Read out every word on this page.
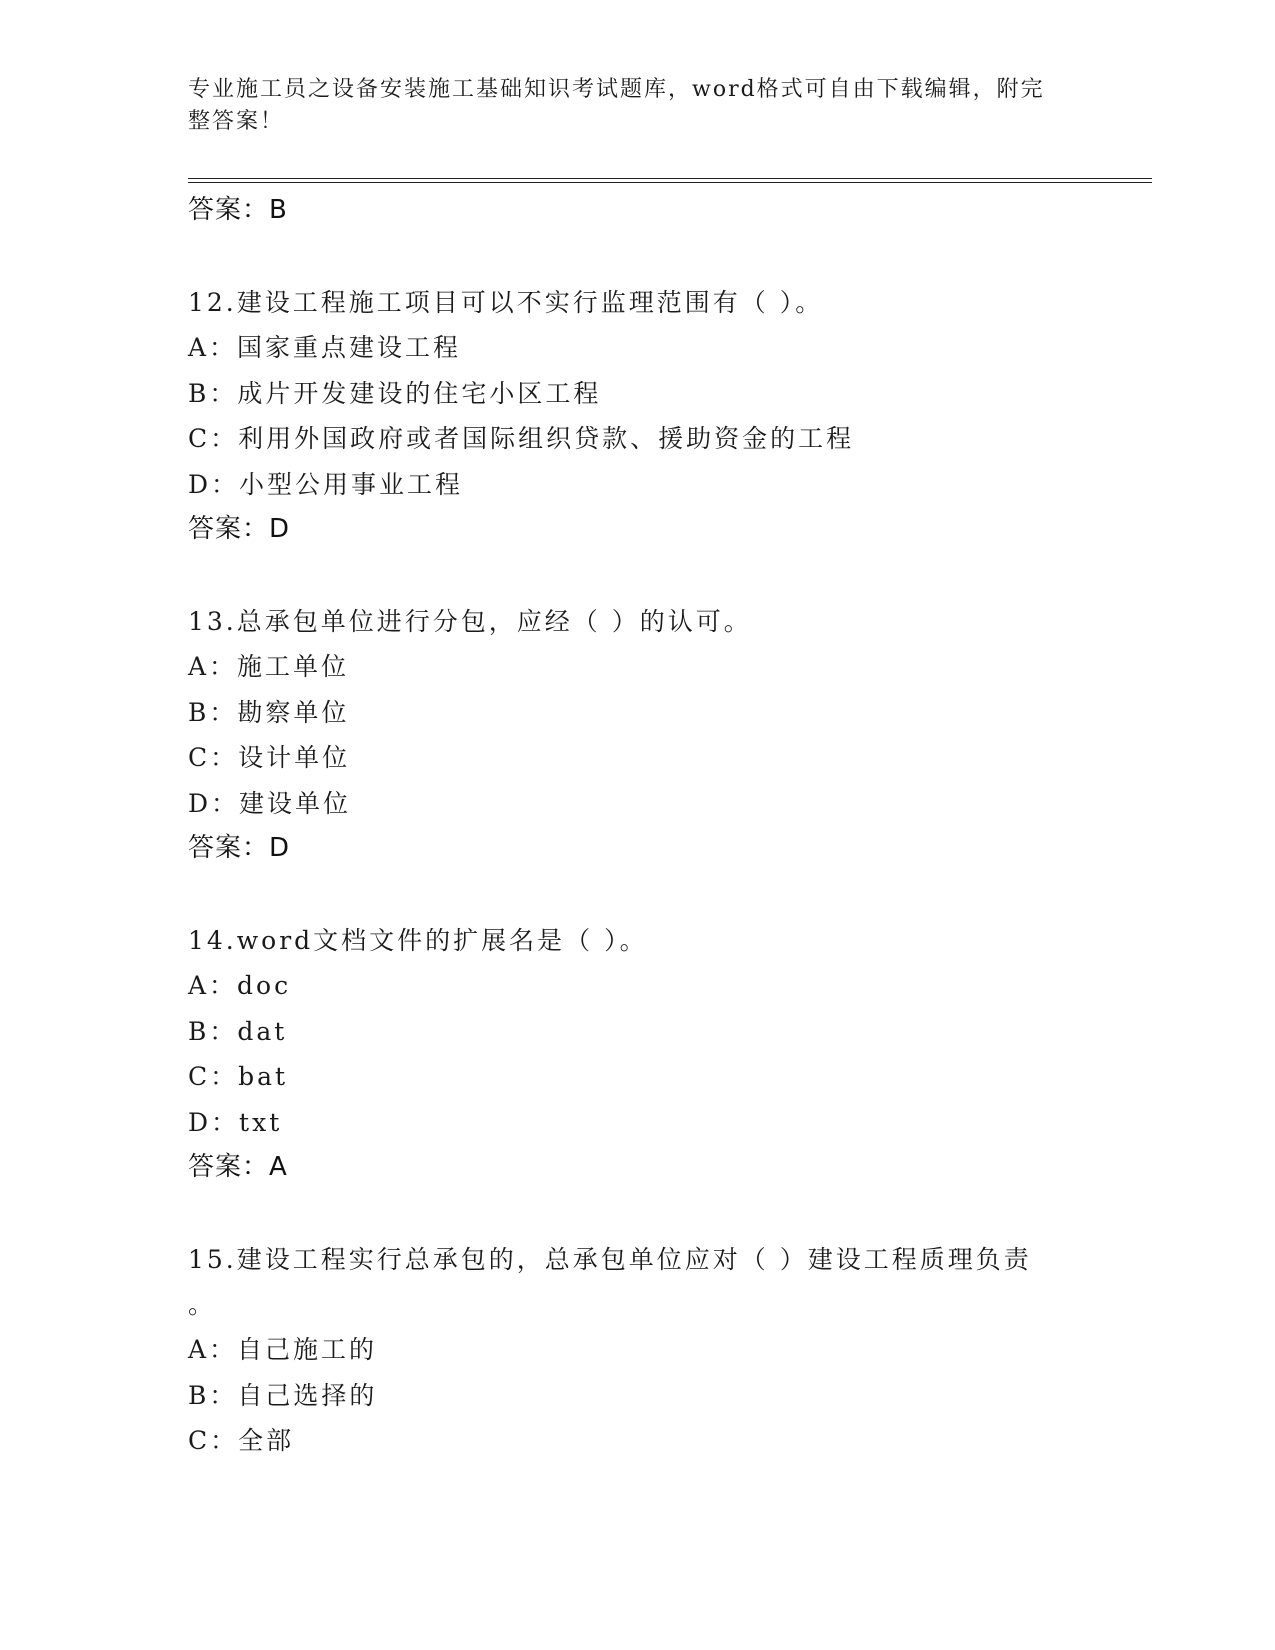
专业施工员之设备安装施工基础知识考试题库，word格式可自由下载编辑，附完
整答案！
答案：B
12.建设工程施工项目可以不实行监理范围有（ ）。
A：国家重点建设工程
B：成片开发建设的住宅小区工程
C：利用外国政府或者国际组织贷款、援助资金的工程
D：小型公用事业工程
答案：D
13.总承包单位进行分包，应经（ ）的认可。
A：施工单位
B：勘察单位
C：设计单位
D：建设单位
答案：D
14.word文档文件的扩展名是（ ）。
A：doc
B：dat
C：bat
D：txt
答案：A
15.建设工程实行总承包的，总承包单位应对（ ）建设工程质理负责
。
A：自己施工的
B：自己选择的
C：全部
